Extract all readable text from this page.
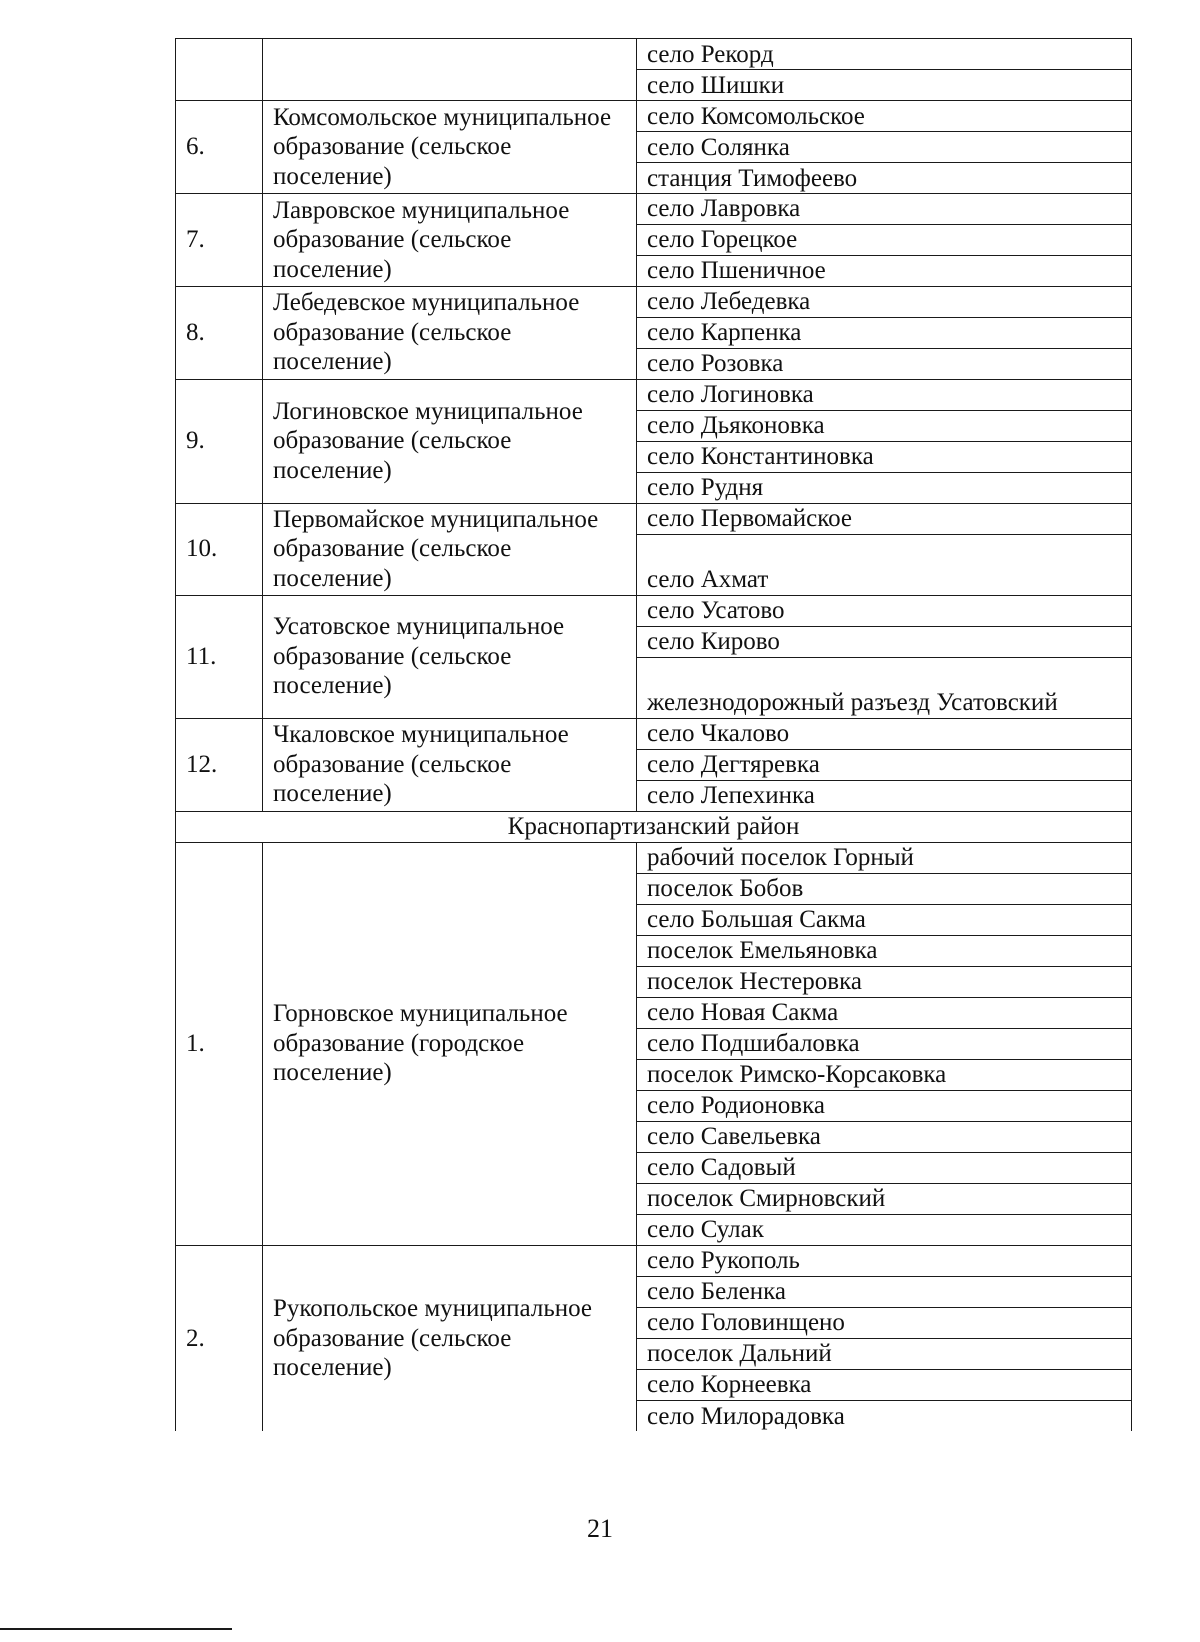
		село Рекорд
		село Шишки
6.	Комсомольское муниципальное образование (сельское поселение)	село Комсомольское
		село Солянка
		станция Тимофеево
7.	Лавровское муниципальное образование (сельское поселение)	село Лавровка
		село Горецкое
		село Пшеничное
8.	Лебедевское муниципальное образование (сельское поселение)	село Лебедевка
		село Карпенка
		село Розовка
9.	Логиновское муниципальное образование (сельское поселение)	село Логиновка
		село Дьяконовка
		село Константиновка
		село Рудня
10.	Первомайское муниципальное образование (сельское поселение)	село Первомайское
		село Ахмат
11.	Усатовское муниципальное образование (сельское поселение)	село Усатово
		село Кирово
		железнодорожный разъезд Усатовский
12.	Чкаловское муниципальное образование (сельское поселение)	село Чкалово
		село Дегтяревка
		село Лепехинка
Краснопартизанский район		
1.	Горновское муниципальное образование (городское поселение)	рабочий поселок Горный
		поселок Бобов
		село Большая Сакма
		поселок Емельяновка
		поселок Нестеровка
		село Новая Сакма
		село Подшибаловка
		поселок Римско-Корсаковка
		село Родионовка
		село Савельевка
		село Садовый
		поселок Смирновский
		село Сулак
2.	Рукопольское муниципальное образование (сельское поселение)	село Рукополь
		село Беленка
		село Головинщено
		поселок Дальний
		село Корнеевка
		село Милорадовка
21
